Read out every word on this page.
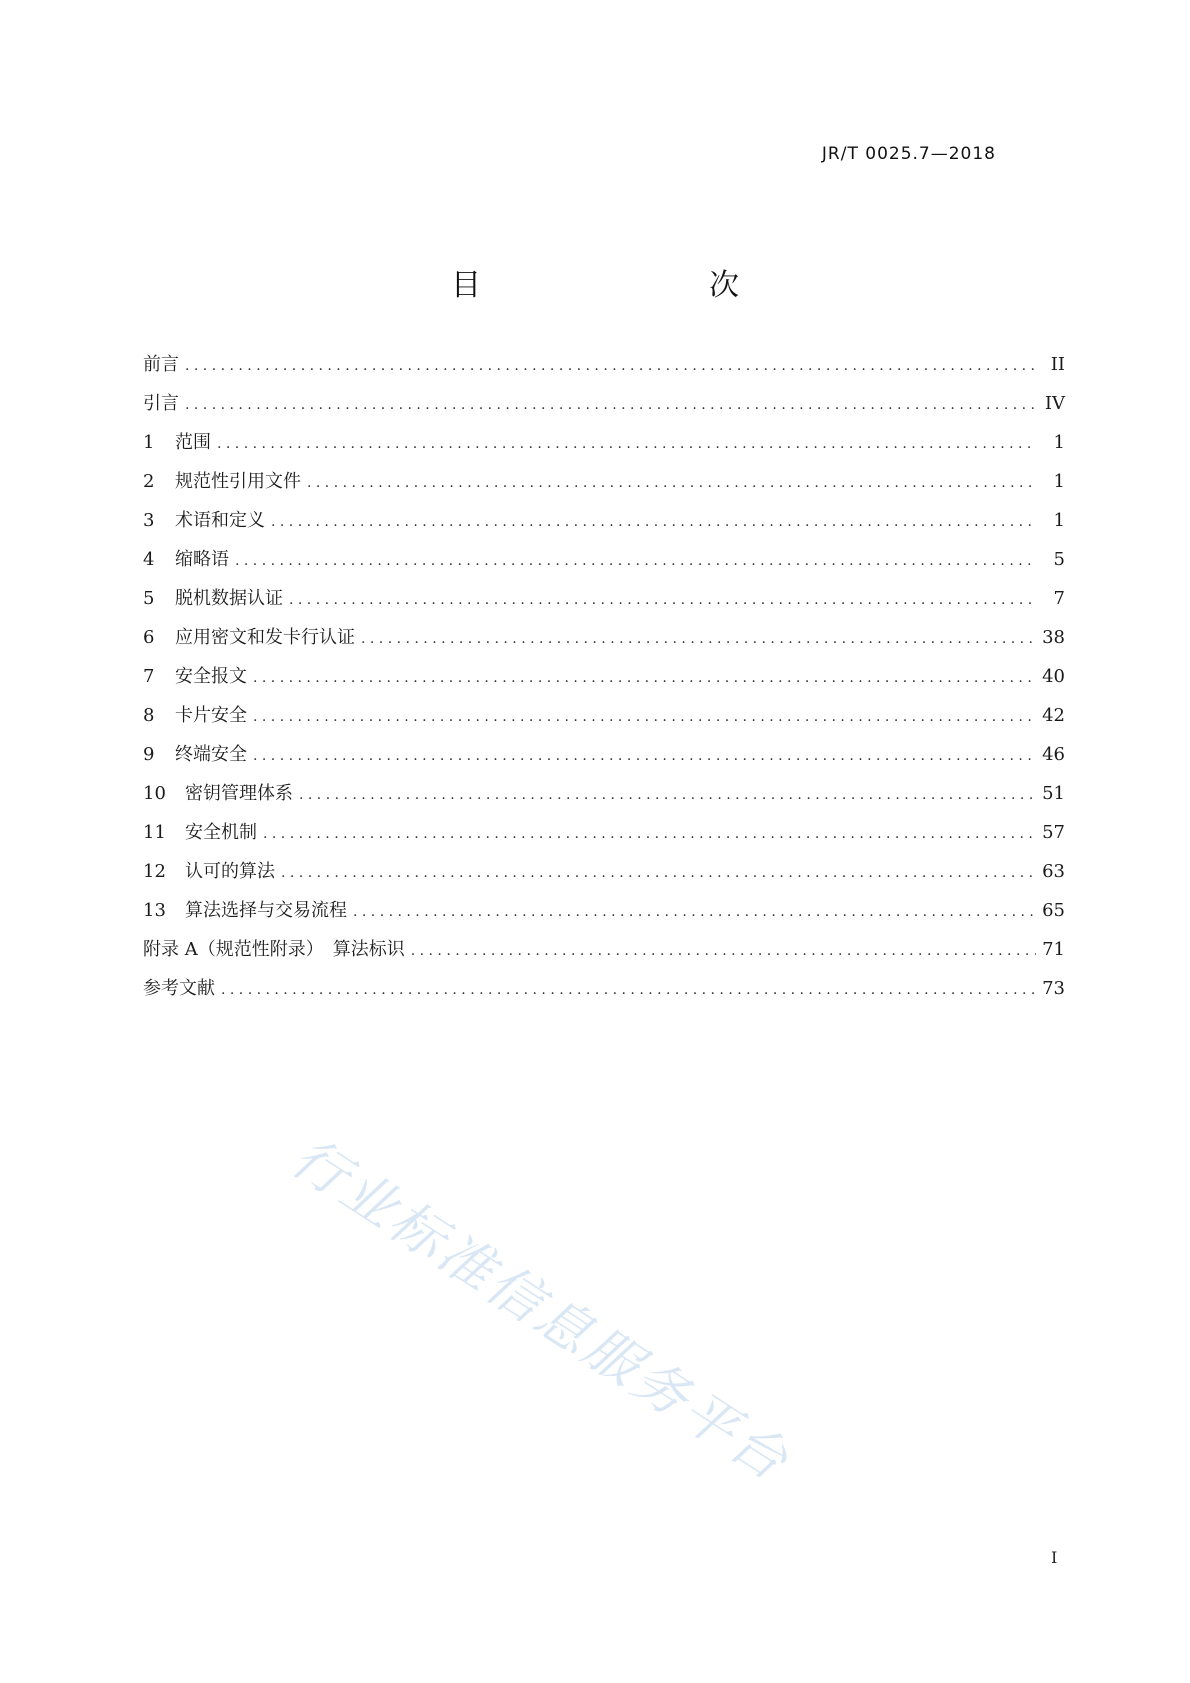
JR/T 0025.7—2018
目　　次
前言 . . .	II
引言 . . .	IV
1	范围 . . .	1
2	规范性引用文件 . . .	1
3	术语和定义 . . .	1
4	缩略语 . . .	5
5	脱机数据认证 . . .	7
6	应用密文和发卡行认证 . . .	38
7	安全报文 . . .	40
8	卡片安全 . . .	42
9	终端安全 . . .	46
10	密钥管理体系 . . .	51
11	安全机制 . . .	57
12	认可的算法 . . .	63
13	算法选择与交易流程 . . .	65
附录 A（规范性附录）　算法标识 . . .	71
参考文献 . . .	73
行业标准信息服务平台
I
